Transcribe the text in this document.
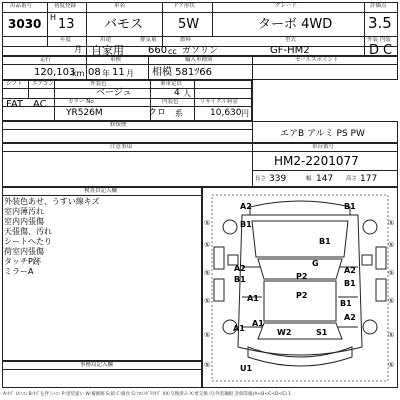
出品番号	初度登録	車名	ドア形状	グレード	評価点
3030 H 13 バモス	5W	ターボ 4WD 3.5
年度	用途	排気量	燃料	型式	外装 内装
月 自家用 660 cc ガソリン	GF-HM2	D C
走行	車検	輸入車種別	セールスポイント
120,103
km 08 年 11 月 相模 581ﾂ66
シフト エアコン	外装色	乗車定員
ベージュ	4 人
FAT AC	カラー No	内装色	リサイクル料金
YR526M	クロ 系	10,630 円
修復歴
エアB アルミ PS PW
注意事項	車台番号
HM2-2201077
長さ 339	幅 147 高さ 177
検査員記入欄
外装色あせ、うすい線キズ
室内薄汚れ
室内内張傷
天張傷、汚れ
シートへたり
荷室内張傷
タッチP跡
ミラーA
事務局記入欄
⑤
⑤
⑤
⑤
⑤
⑤
⑤
⑤
⑤
⑤
⑤
⑤
A2	B1
B1
A2
B1
G
P2
B1
P2
A1
A1
A2
W2	S1
B1
A1
U1
B1
A2
A:ｷｽﾞ U:ﾍｺﾐ B:ｷｽﾞを伴うﾍｺﾐ P:塗装違い W:補修跡 S:錆 C:腐食 G:ﾌﾛﾝﾄｶﾞﾗｽｷｽﾞ XX:交換済み X:要交換 円:外装鋼板 評価等級(A<B<C<D<E) 1
